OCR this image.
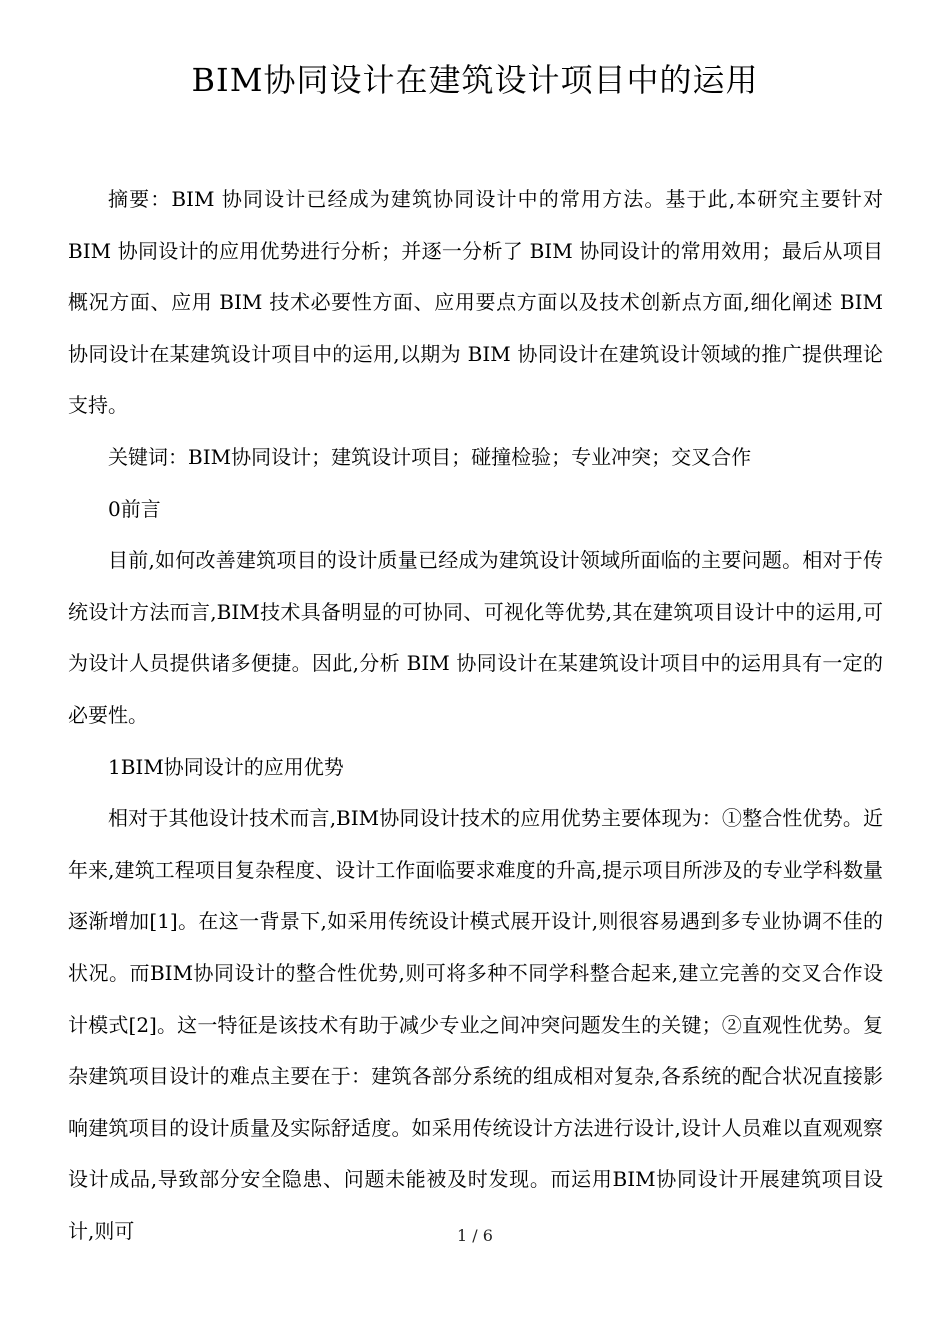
BIM协同设计在建筑设计项目中的运用

摘要：BIM 协同设计已经成为建筑协同设计中的常用方法。基于此,本研究主要针对 BIM 协同设计的应用优势进行分析；并逐一分析了 BIM 协同设计的常用效用；最后从项目概况方面、应用 BIM 技术必要性方面、应用要点方面以及技术创新点方面,细化阐述 BIM 协同设计在某建筑设计项目中的运用,以期为 BIM 协同设计在建筑设计领域的推广提供理论支持。

关键词：BIM协同设计；建筑设计项目；碰撞检验；专业冲突；交叉合作

0前言

目前,如何改善建筑项目的设计质量已经成为建筑设计领域所面临的主要问题。相对于传统设计方法而言,BIM技术具备明显的可协同、可视化等优势,其在建筑项目设计中的运用,可为设计人员提供诸多便捷。因此,分析 BIM 协同设计在某建筑设计项目中的运用具有一定的必要性。

1BIM协同设计的应用优势

相对于其他设计技术而言,BIM协同设计技术的应用优势主要体现为：①整合性优势。近年来,建筑工程项目复杂程度、设计工作面临要求难度的升高,提示项目所涉及的专业学科数量逐渐增加[1]。在这一背景下,如采用传统设计模式展开设计,则很容易遇到多专业协调不佳的状况。而BIM协同设计的整合性优势,则可将多种不同学科整合起来,建立完善的交叉合作设计模式[2]。这一特征是该技术有助于减少专业之间冲突问题发生的关键；②直观性优势。复杂建筑项目设计的难点主要在于：建筑各部分系统的组成相对复杂,各系统的配合状况直接影响建筑项目的设计质量及实际舒适度。如采用传统设计方法进行设计,设计人员难以直观观察设计成品,导致部分安全隐患、问题未能被及时发现。而运用BIM协同设计开展建筑项目设计,则可	1 / 6
